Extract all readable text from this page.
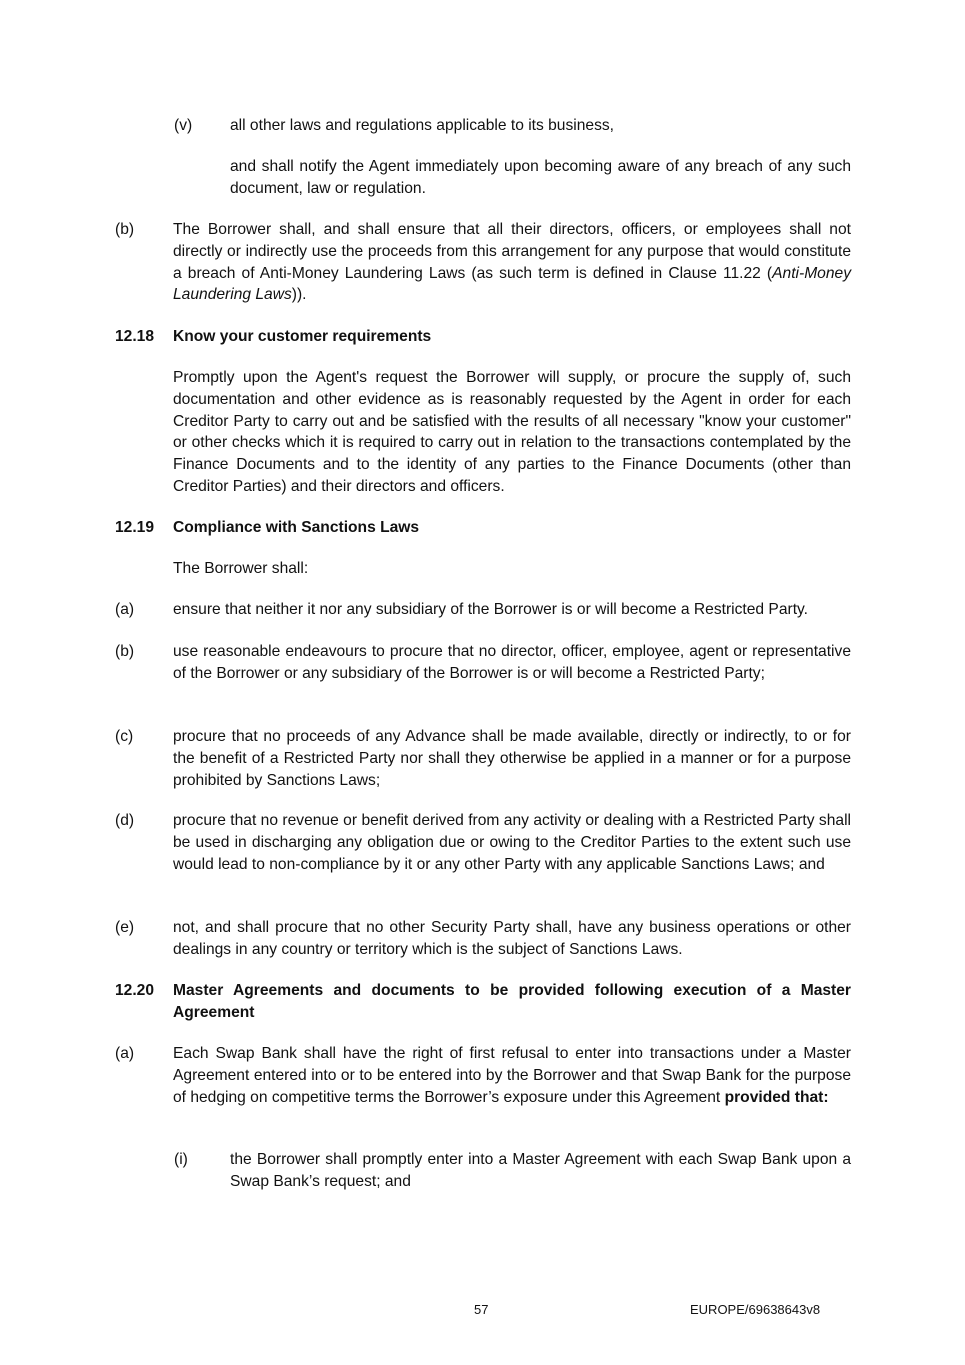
(v) all other laws and regulations applicable to its business,
and shall notify the Agent immediately upon becoming aware of any breach of any such document, law or regulation.
(b) The Borrower shall, and shall ensure that all their directors, officers, or employees shall not directly or indirectly use the proceeds from this arrangement for any purpose that would constitute a breach of Anti-Money Laundering Laws (as such term is defined in Clause 11.22 (Anti-Money Laundering Laws)).
12.18 Know your customer requirements
Promptly upon the Agent's request the Borrower will supply, or procure the supply of, such documentation and other evidence as is reasonably requested by the Agent in order for each Creditor Party to carry out and be satisfied with the results of all necessary "know your customer" or other checks which it is required to carry out in relation to the transactions contemplated by the Finance Documents and to the identity of any parties to the Finance Documents (other than Creditor Parties) and their directors and officers.
12.19 Compliance with Sanctions Laws
The Borrower shall:
(a) ensure that neither it nor any subsidiary of the Borrower is or will become a Restricted Party.
(b) use reasonable endeavours to procure that no director, officer, employee, agent or representative of the Borrower or any subsidiary of the Borrower is or will become a Restricted Party;
(c)	procure that no proceeds of any Advance shall be made available, directly or indirectly, to or for the benefit of a Restricted Party nor shall they otherwise be applied in a manner or for a purpose prohibited by Sanctions Laws;
(d) procure that no revenue or benefit derived from any activity or dealing with a Restricted Party shall be used in discharging any obligation due or owing to the Creditor Parties to the extent such use would lead to non-compliance by it or any other Party with any applicable Sanctions Laws; and
(e) not, and shall procure that no other Security Party shall, have any business operations or other dealings in any country or territory which is the subject of Sanctions Laws.
12.20 Master Agreements and documents to be provided following execution of a Master Agreement
(a) Each Swap Bank shall have the right of first refusal to enter into transactions under a Master Agreement entered into or to be entered into by the Borrower and that Swap Bank for the purpose of hedging on competitive terms the Borrower’s exposure under this Agreement provided that:
(i)	the Borrower shall promptly enter into a Master Agreement with each Swap Bank upon a Swap Bank’s request; and
57	EUROPE/69638643v8
